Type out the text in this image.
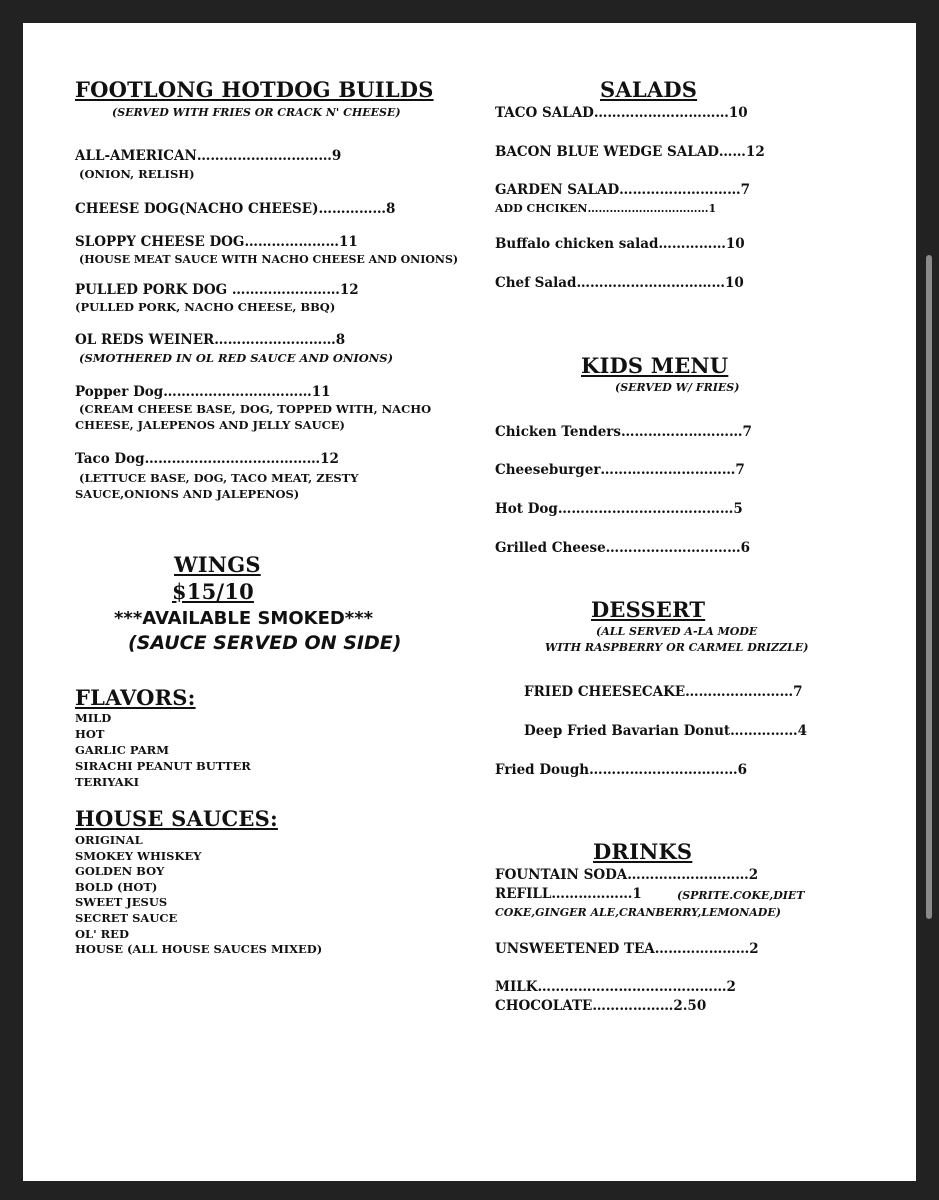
FOOTLONG HOTDOG BUILDS
(SERVED WITH FRIES OR CRACK N' CHEESE)
ALL-AMERICAN…………………………9
(ONION, RELISH)
CHEESE DOG(NACHO CHEESE)……………8
SLOPPY CHEESE DOG…………………11
(HOUSE MEAT SAUCE WITH NACHO CHEESE AND ONIONS)
PULLED PORK DOG ……………………12
(PULLED PORK, NACHO CHEESE, BBQ)
OL REDS WEINER………………………8
(SMOTHERED IN OL RED SAUCE AND ONIONS)
Popper Dog……………………………11
(CREAM CHEESE BASE, DOG, TOPPED WITH, NACHO
CHEESE, JALEPENOS AND JELLY SAUCE)
Taco Dog…………………………………12
(LETTUCE BASE, DOG, TACO MEAT, ZESTY
SAUCE,ONIONS AND JALEPENOS)
WINGS
$15/10
***AVAILABLE SMOKED***
(SAUCE SERVED ON SIDE)
FLAVORS:
MILD
HOT
GARLIC PARM
SIRACHI PEANUT BUTTER
TERIYAKI
HOUSE SAUCES:
ORIGINAL
SMOKEY WHISKEY
GOLDEN BOY
BOLD (HOT)
SWEET JESUS
SECRET SAUCE
OL' RED
HOUSE (ALL HOUSE SAUCES MIXED)
SALADS
TACO SALAD…………………………10
BACON BLUE WEDGE SALAD……12
GARDEN SALAD………………………7
ADD CHCIKEN……………………………1
Buffalo chicken salad……………10
Chef Salad……………………………10
KIDS MENU
(SERVED W/ FRIES)
Chicken Tenders………………………7
Cheeseburger…………………………7
Hot Dog…………………………………5
Grilled Cheese…………………………6
DESSERT
(ALL SERVED A-LA MODE
WITH RASPBERRY OR CARMEL DRIZZLE)
FRIED CHEESECAKE……………………7
Deep Fried Bavarian Donut……………4
Fried Dough……………………………6
DRINKS
FOUNTAIN SODA………………………2
REFILL………………1	(SPRITE.COKE,DIET
COKE,GINGER ALE,CRANBERRY,LEMONADE)
UNSWEETENED TEA…………………2
MILK……………………………………2
CHOCOLATE………………2.50
